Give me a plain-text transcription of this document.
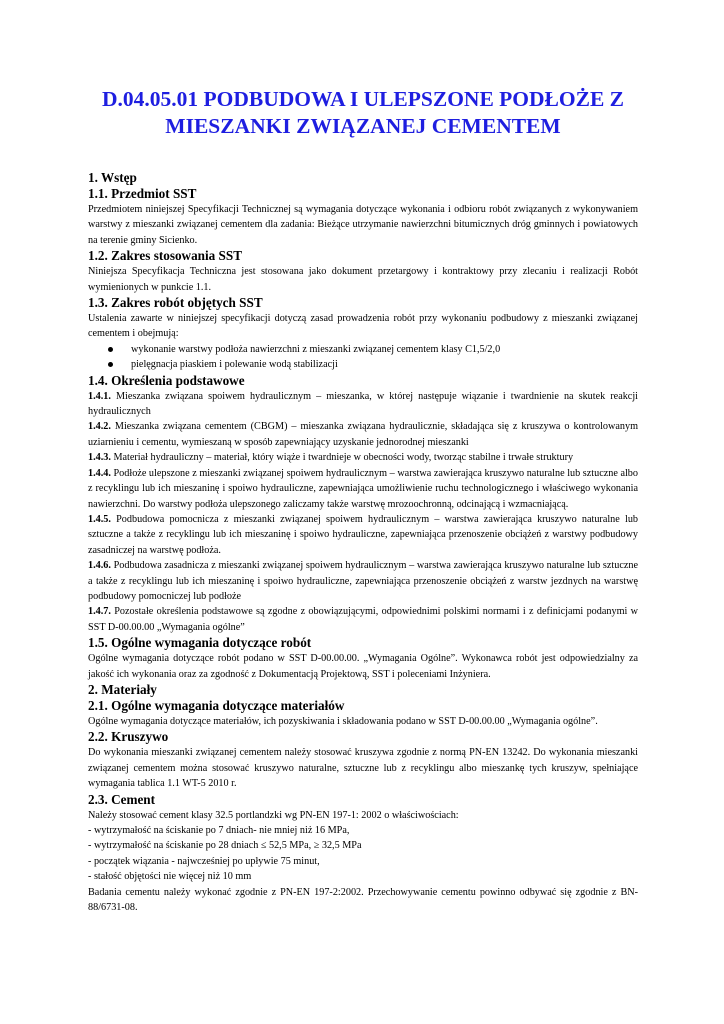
D.04.05.01 PODBUDOWA I ULEPSZONE PODŁOŻE Z
MIESZANKI ZWIĄZANEJ CEMENTEM
1. Wstęp
1.1. Przedmiot SST

Przedmiotem niniejszej Specyfikacji Technicznej są wymagania dotyczące wykonania i odbioru robót związanych z wykonywaniem warstwy z mieszanki związanej cementem dla zadania: Bieżące utrzymanie nawierzchni bitumicznych dróg gminnych i powiatowych na terenie gminy Sicienko.

1.2. Zakres stosowania SST

Niniejsza Specyfikacja Techniczna jest stosowana jako dokument przetargowy i kontraktowy przy zlecaniu i realizacji Robót wymienionych w punkcie 1.1.

1.3. Zakres robót objętych SST

Ustalenia zawarte w niniejszej specyfikacji dotyczą zasad prowadzenia robót przy wykonaniu podbudowy z mieszanki związanej cementem i obejmują:

wykonanie warstwy podłoża nawierzchni z mieszanki związanej cementem klasy C1,5/2,0
pielęgnacja piaskiem i polewanie wodą stabilizacji
1.4. Określenia podstawowe

1.4.1. Mieszanka związana spoiwem hydraulicznym – mieszanka, w której następuje wiązanie i twardnienie na skutek reakcji hydraulicznych

1.4.2. Mieszanka związana cementem (CBGM) – mieszanka związana hydraulicznie, składająca się z kruszywa o kontrolowanym uziarnieniu i cementu, wymieszaną w sposób zapewniający uzyskanie jednorodnej mieszanki

1.4.3. Materiał hydrauliczny – materiał, który wiąże i twardnieje w obecności wody, tworząc stabilne i trwałe struktury

1.4.4. Podłoże ulepszone z mieszanki związanej spoiwem hydraulicznym – warstwa zawierająca kruszywo naturalne lub sztuczne albo z recyklingu lub ich mieszaninę i spoiwo hydrauliczne, zapewniająca umożliwienie ruchu technologicznego i właściwego wykonania nawierzchni. Do warstwy podłoża ulepszonego zaliczamy także warstwę mrozoochronną, odcinającą i wzmacniającą.

1.4.5. Podbudowa pomocnicza z mieszanki związanej spoiwem hydraulicznym – warstwa zawierająca kruszywo naturalne lub sztuczne a także z recyklingu lub ich mieszaninę i spoiwo hydrauliczne, zapewniająca przenoszenie obciążeń z warstwy podbudowy zasadniczej na warstwę podłoża.

1.4.6. Podbudowa zasadnicza z mieszanki związanej spoiwem hydraulicznym – warstwa zawierająca kruszywo naturalne lub sztuczne a także z recyklingu lub ich mieszaninę i spoiwo hydrauliczne, zapewniająca przenoszenie obciążeń z warstw jezdnych na warstwę podbudowy pomocniczej lub podłoże

1.4.7. Pozostałe określenia podstawowe są zgodne z obowiązującymi, odpowiednimi polskimi normami i z definicjami podanymi w SST D-00.00.00 „Wymagania ogólne”

1.5. Ogólne wymagania dotyczące robót

Ogólne wymagania dotyczące robót podano w SST D-00.00.00. „Wymagania Ogólne”. Wykonawca robót jest odpowiedzialny za jakość ich wykonania oraz za zgodność z Dokumentacją Projektową, SST i poleceniami Inżyniera.

2. Materiały
2.1. Ogólne wymagania dotyczące materiałów

Ogólne wymagania dotyczące materiałów, ich pozyskiwania i składowania podano w SST D-00.00.00 „Wymagania ogólne”.

2.2. Kruszywo

Do wykonania mieszanki związanej cementem należy stosować kruszywa zgodnie z normą PN-EN 13242. Do wykonania mieszanki związanej cementem można stosować kruszywo naturalne, sztuczne lub z recyklingu albo mieszankę tych kruszyw, spełniające wymagania tablica 1.1 WT-5 2010 r.

2.3. Cement

Należy stosować cement klasy 32.5 portlandzki wg PN-EN 197-1: 2002 o właściwościach:

- wytrzymałość na ściskanie po 7 dniach- nie mniej niż 16 MPa,

- wytrzymałość na ściskanie po 28 dniach ≤ 52,5 MPa, ≥ 32,5 MPa

- początek wiązania - najwcześniej po upływie 75 minut,

- stałość objętości nie więcej niż 10 mm

Badania cementu należy wykonać zgodnie z PN-EN 197-2:2002. Przechowywanie cementu powinno odbywać się zgodnie z BN-88/6731-08.
